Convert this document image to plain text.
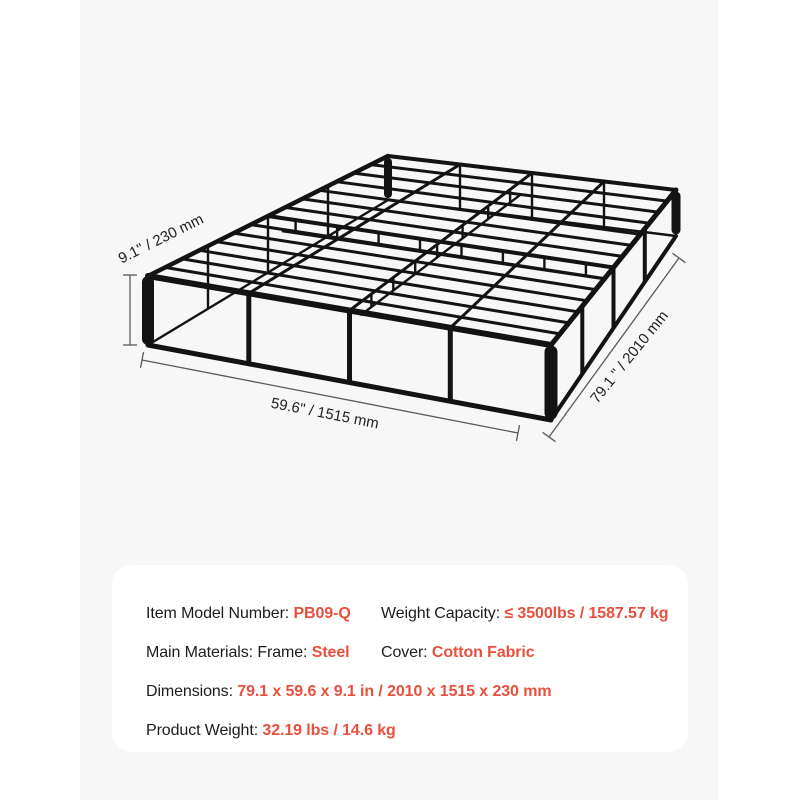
9.1" / 230 mm
59.6" / 1515 mm
79.1 " / 2010 mm
Item Model Number: PB09-Q	Weight Capacity: ≤ 3500lbs / 1587.57 kg
Main Materials: Frame: Steel	Cover: Cotton Fabric
Dimensions: 79.1 x 59.6 x 9.1 in / 2010 x 1515 x 230 mm
Product Weight: 32.19 lbs / 14.6 kg
